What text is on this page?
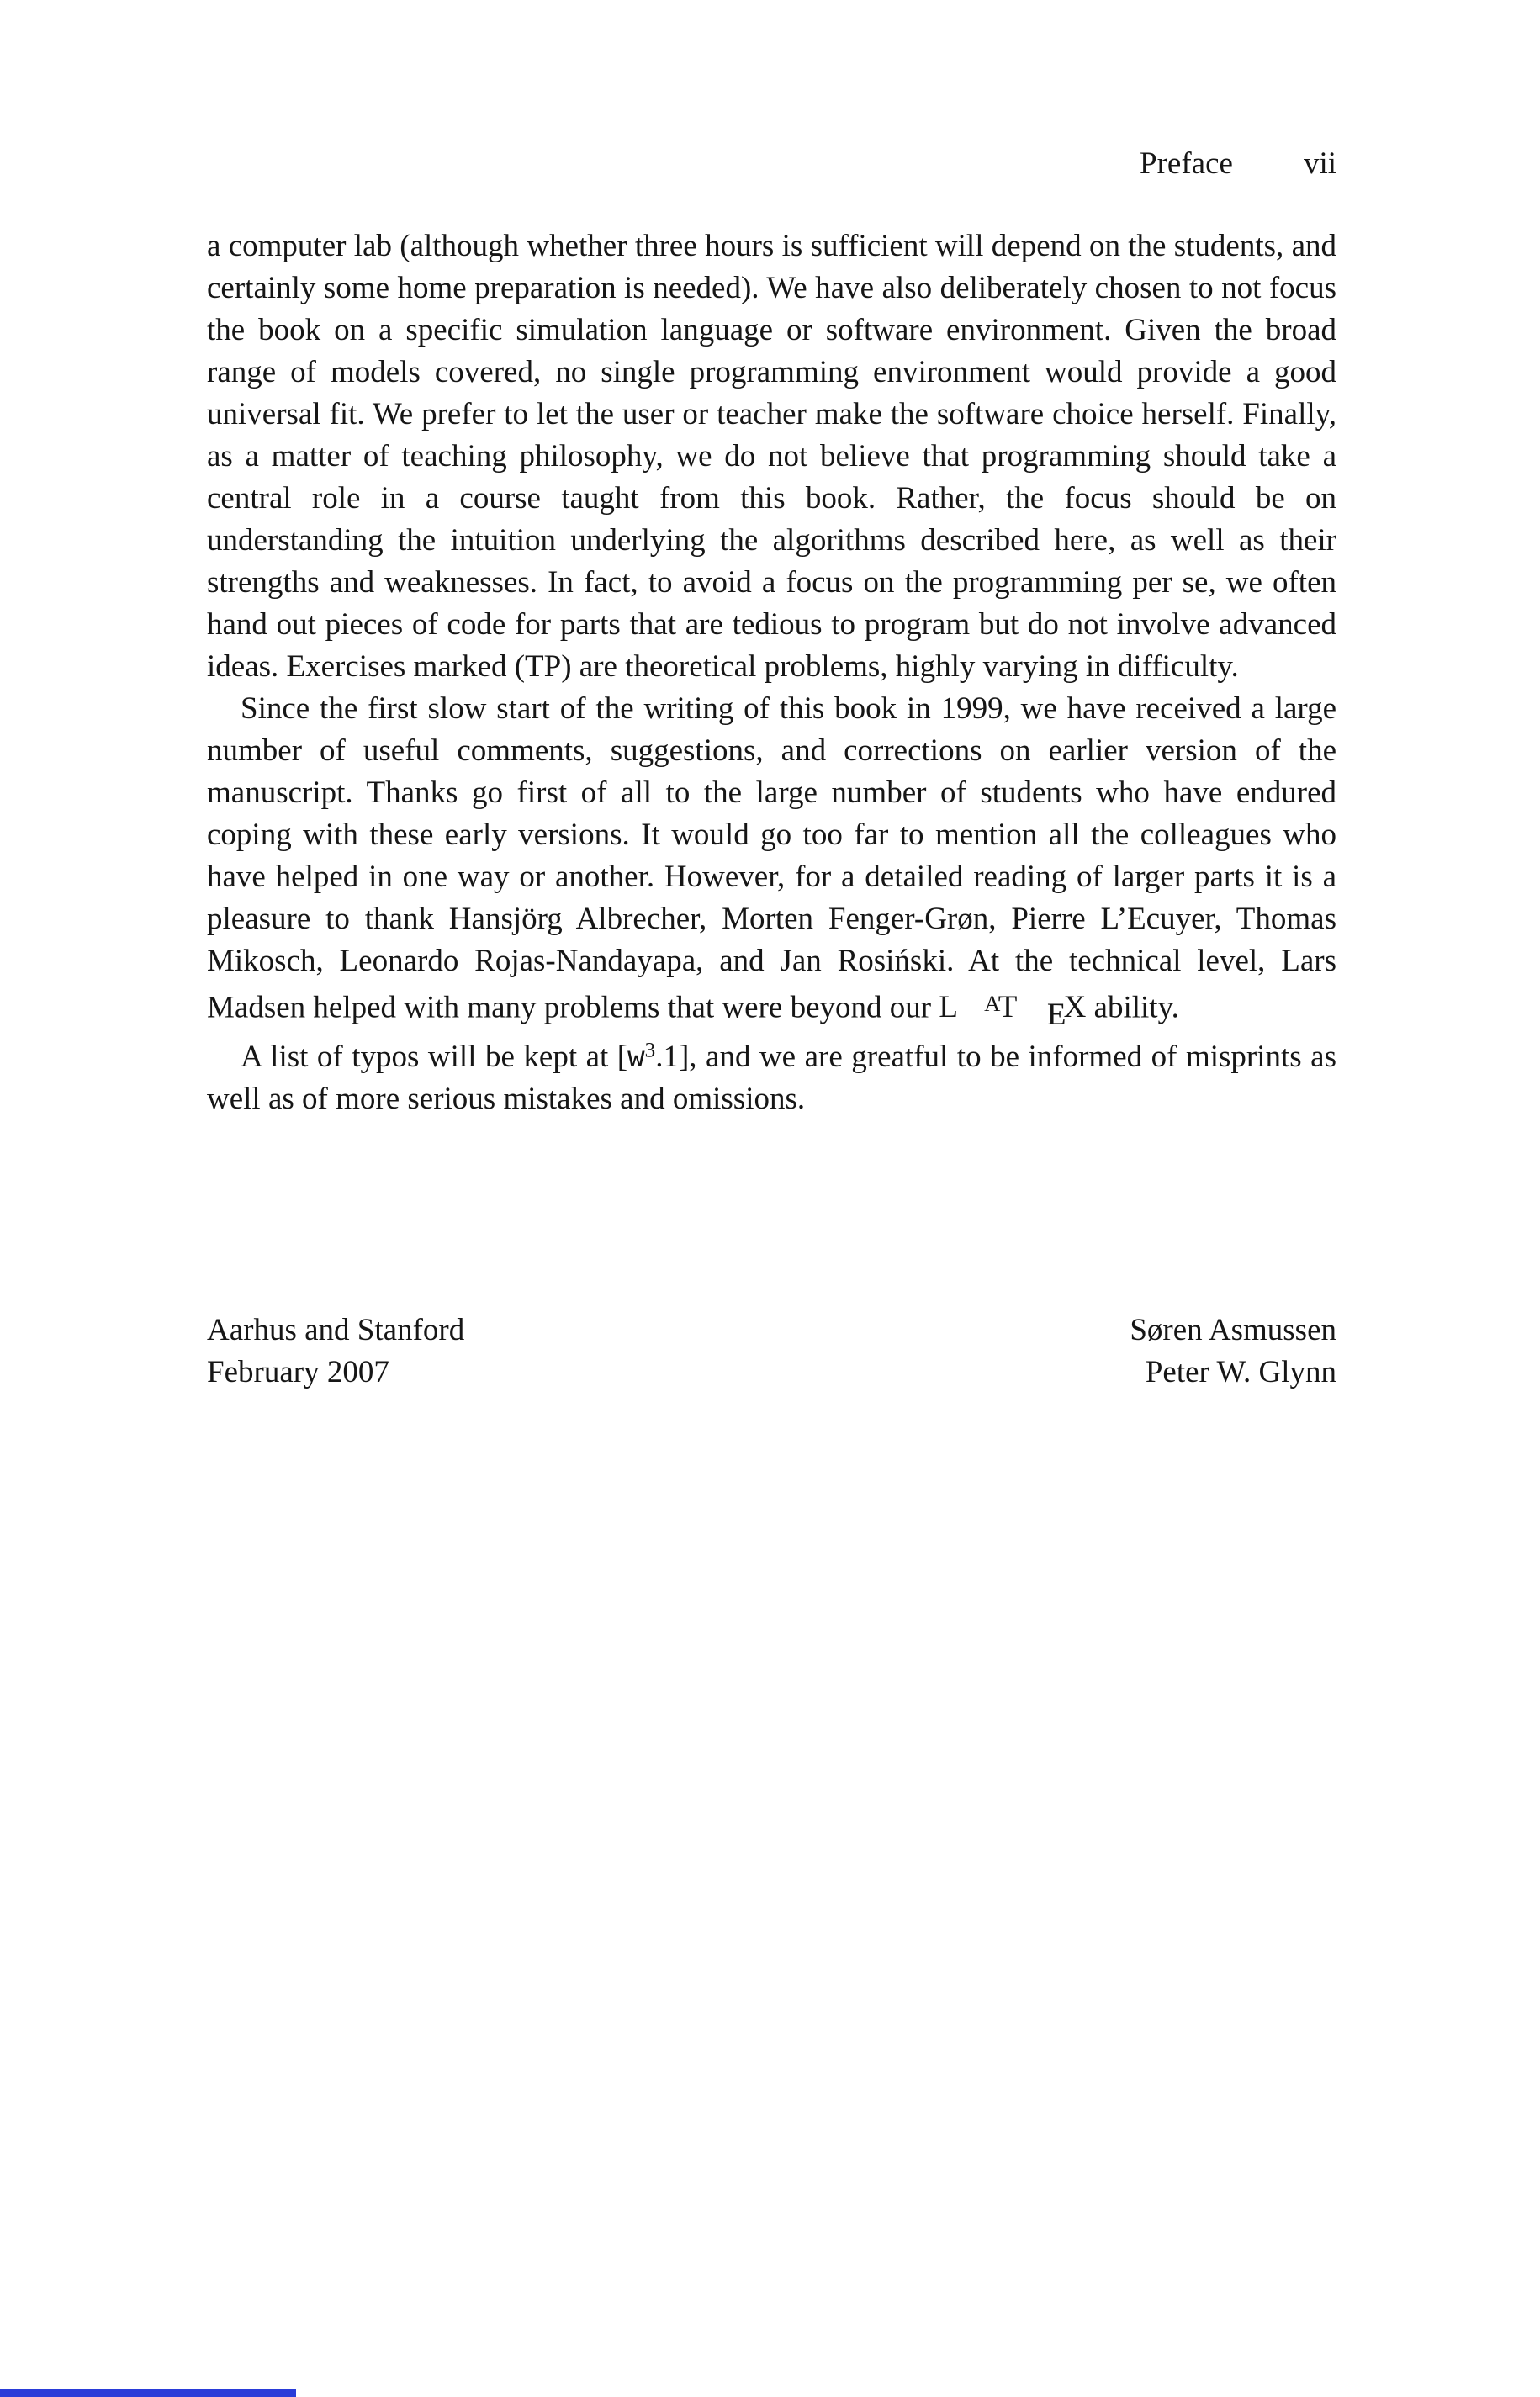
Preface vii

a computer lab (although whether three hours is sufficient will depend on the students, and certainly some home preparation is needed). We have also deliberately chosen to not focus the book on a specific simulation language or software environment. Given the broad range of models covered, no single programming environment would provide a good universal fit. We prefer to let the user or teacher make the software choice herself. Finally, as a matter of teaching philosophy, we do not believe that programming should take a central role in a course taught from this book. Rather, the focus should be on understanding the intuition underlying the algorithms described here, as well as their strengths and weaknesses. In fact, to avoid a focus on the programming per se, we often hand out pieces of code for parts that are tedious to program but do not involve advanced ideas. Exercises marked (TP) are theoretical problems, highly varying in difficulty.

Since the first slow start of the writing of this book in 1999, we have received a large number of useful comments, suggestions, and corrections on earlier version of the manuscript. Thanks go first of all to the large number of students who have endured coping with these early versions. It would go too far to mention all the colleagues who have helped in one way or another. However, for a detailed reading of larger parts it is a pleasure to thank Hansjörg Albrecher, Morten Fenger-Grøn, Pierre L’Ecuyer, Thomas Mikosch, Leonardo Rojas-Nandayapa, and Jan Rosiński. At the technical level, Lars Madsen helped with many problems that were beyond our L AT EX ability.

A list of typos will be kept at $[w^3.1]$, and we are greatful to be informed of misprints as well as of more serious mistakes and omissions.

Aarhus and Stanford
February 2007
Søren Asmussen
Peter W. Glynn
